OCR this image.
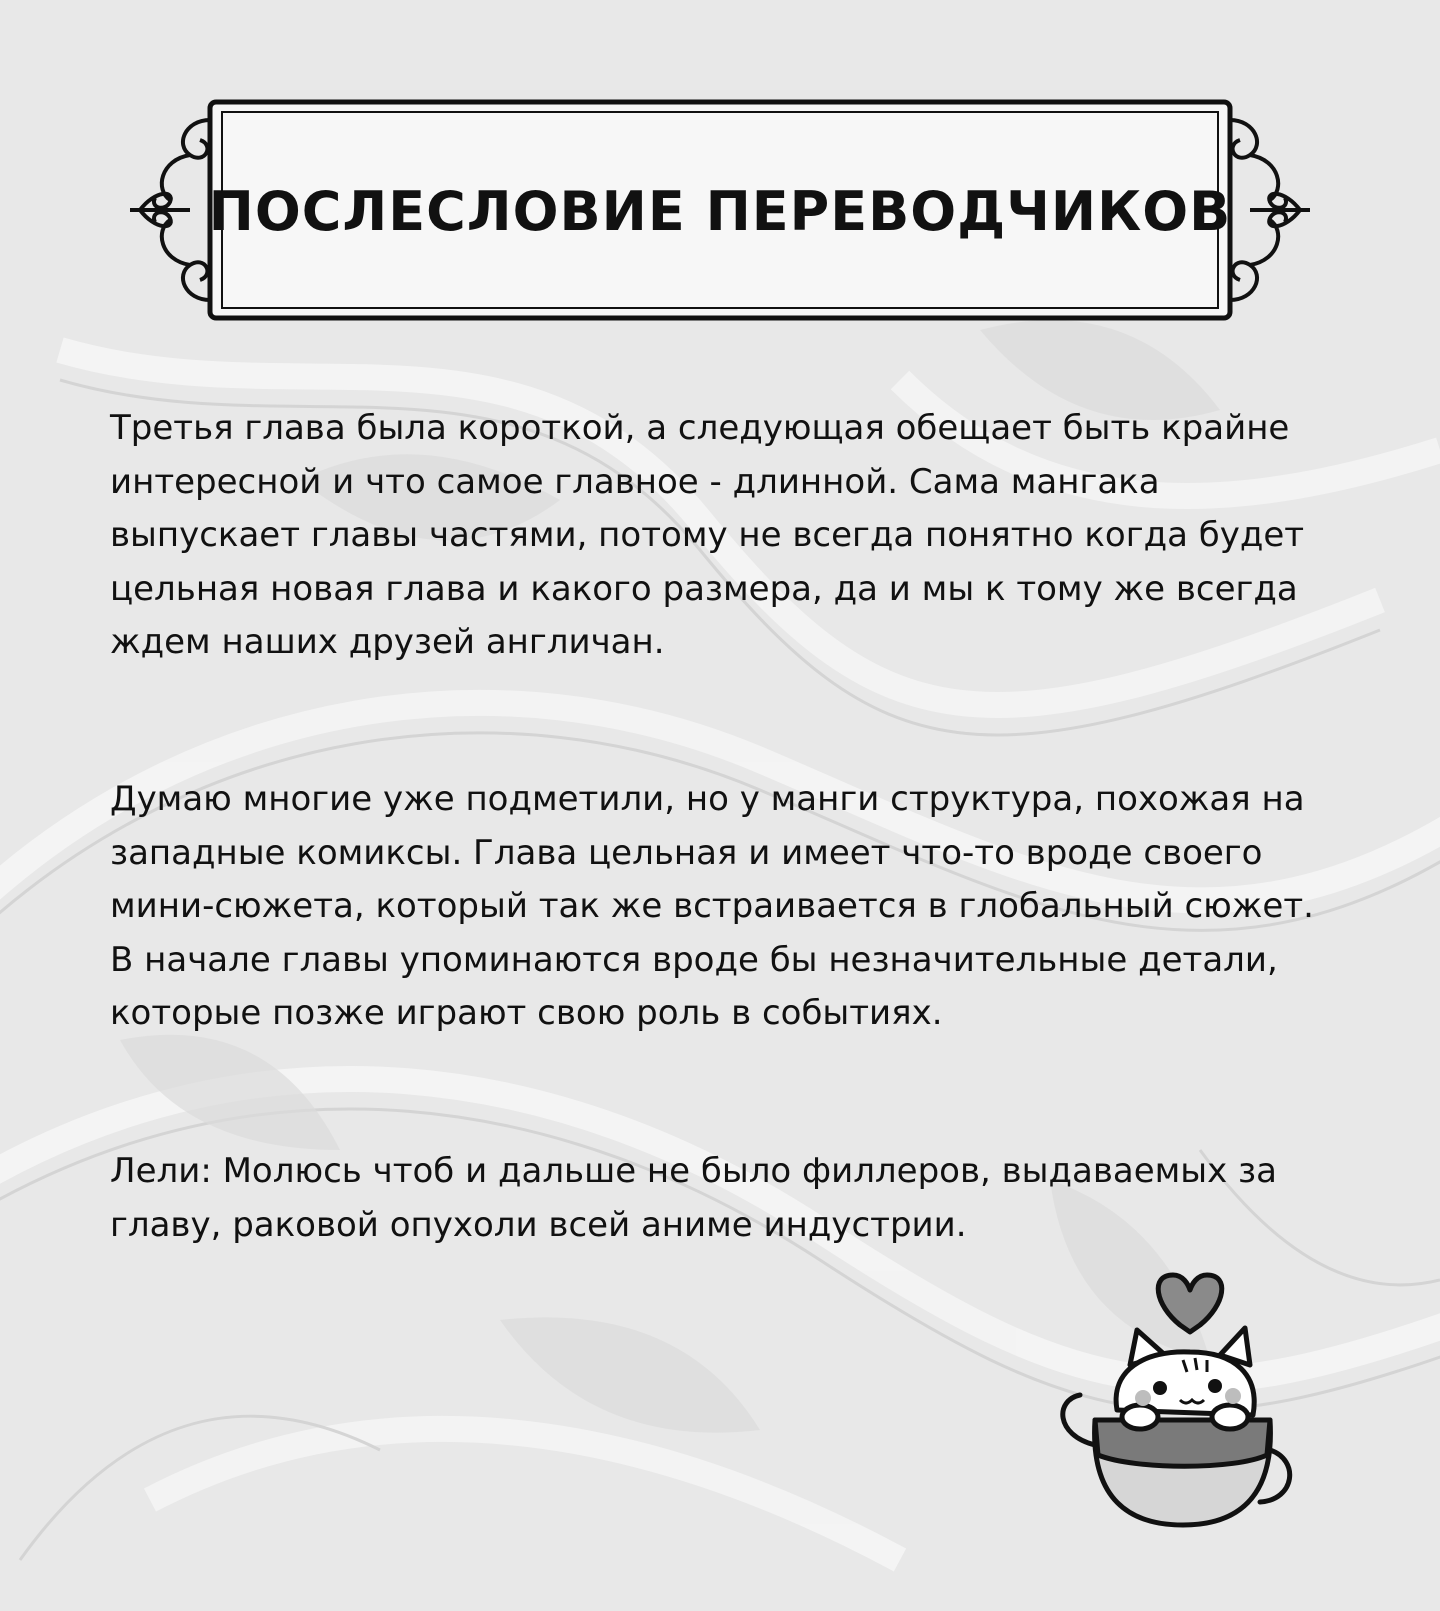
ПОСЛЕСЛОВИЕ ПЕРЕВОДЧИКОВ

Третья глава была короткой, а следующая обещает быть крайне интересной и что самое главное - длинной. Сама мангака выпускает главы частями, потому не всегда понятно когда будет цельная новая глава и какого размера, да и мы к тому же всегда ждем наших друзей англичан.

Думаю многие уже подметили, но у манги структура, похожая на западные комиксы. Глава цельная и имеет что-то вроде своего мини-сюжета, который так же встраивается в глобальный сюжет. В начале главы упоминаются вроде бы незначительные детали, которые позже играют свою роль в событиях.

Лели: Молюсь чтоб и дальше не было филлеров, выдаваемых за главу, раковой опухоли всей аниме индустрии.
